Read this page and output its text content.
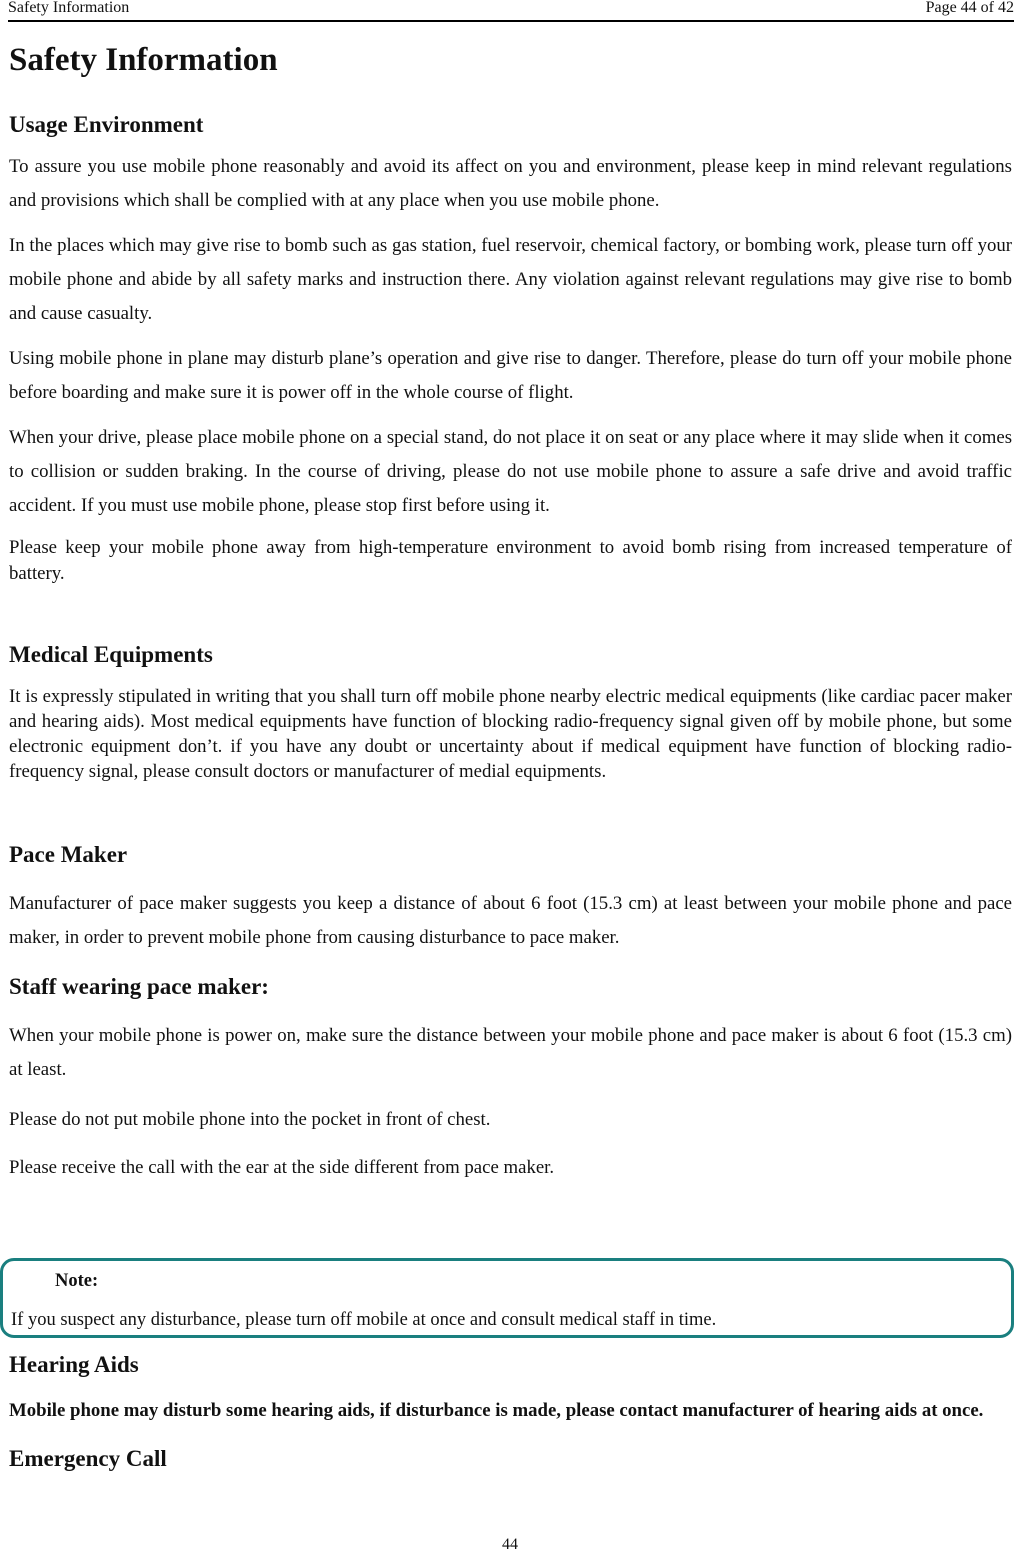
Safety Information	Page 44 of 42
Safety Information
Usage Environment

To assure you use mobile phone reasonably and avoid its affect on you and environment, please keep in mind relevant regulations and provisions which shall be complied with at any place when you use mobile phone.

In the places which may give rise to bomb such as gas station, fuel reservoir, chemical factory, or bombing work, please turn off your mobile phone and abide by all safety marks and instruction there. Any violation against relevant regulations may give rise to bomb and cause casualty.

Using mobile phone in plane may disturb plane’s operation and give rise to danger. Therefore, please do turn off your mobile phone before boarding and make sure it is power off in the whole course of flight.

When your drive, please place mobile phone on a special stand, do not place it on seat or any place where it may slide when it comes to collision or sudden braking. In the course of driving, please do not use mobile phone to assure a safe drive and avoid traffic accident. If you must use mobile phone, please stop first before using it.

Please keep your mobile phone away from high-temperature environment to avoid bomb rising from increased temperature of battery.

Medical Equipments

It is expressly stipulated in writing that you shall turn off mobile phone nearby electric medical equipments (like cardiac pacer maker and hearing aids). Most medical equipments have function of blocking radio-frequency signal given off by mobile phone, but some electronic equipment don’t. if you have any doubt or uncertainty about if medical equipment have function of blocking radio-frequency signal, please consult doctors or manufacturer of medial equipments.

Pace Maker

Manufacturer of pace maker suggests you keep a distance of about 6 foot (15.3 cm) at least between your mobile phone and pace maker, in order to prevent mobile phone from causing disturbance to pace maker.

Staff wearing pace maker:

When your mobile phone is power on, make sure the distance between your mobile phone and pace maker is about 6 foot (15.3 cm) at least.

Please do not put mobile phone into the pocket in front of chest.

Please receive the call with the ear at the side different from pace maker.

Note:
If you suspect any disturbance, please turn off mobile at once and consult medical staff in time.
Hearing Aids

Mobile phone may disturb some hearing aids, if disturbance is made, please contact manufacturer of hearing aids at once.

Emergency Call
44
